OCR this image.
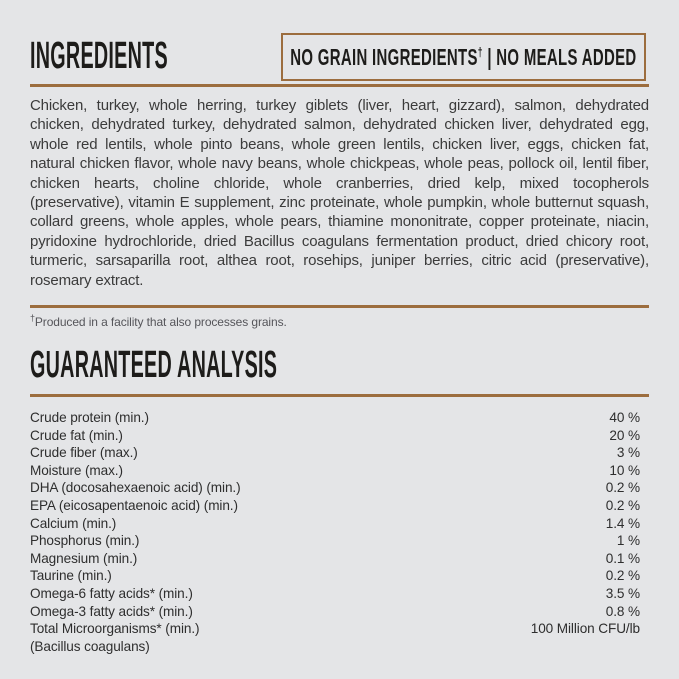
INGREDIENTS	NO GRAIN INGREDIENTS† | NO MEALS ADDED

Chicken, turkey, whole herring, turkey giblets (liver, heart, gizzard), salmon, dehydrated chicken, dehydrated turkey, dehydrated salmon, dehydrated chicken liver, dehydrated egg, whole red lentils, whole pinto beans, whole green lentils, chicken liver, eggs, chicken fat, natural chicken flavor, whole navy beans, whole chickpeas, whole peas, pollock oil, lentil fiber, chicken hearts, choline chloride, whole cranberries, dried kelp, mixed tocopherols (preservative), vitamin E supplement, zinc proteinate, whole pumpkin, whole butternut squash, collard greens, whole apples, whole pears, thiamine mononitrate, copper proteinate, niacin, pyridoxine hydrochloride, dried Bacillus coagulans fermentation product, dried chicory root, turmeric, sarsaparilla root, althea root, rosehips, juniper berries, citric acid (preservative), rosemary extract.

†Produced in a facility that also processes grains.
GUARANTEED ANALYSIS
Crude protein (min.)	40 %
Crude fat (min.)	20 %
Crude fiber (max.)	3 %
Moisture (max.)	10 %
DHA (docosahexaenoic acid) (min.)	0.2 %
EPA (eicosapentaenoic acid) (min.)	0.2 %
Calcium (min.)	1.4 %
Phosphorus (min.)	1 %
Magnesium (min.)	0.1 %
Taurine (min.)	0.2 %
Omega-6 fatty acids* (min.)	3.5 %
Omega-3 fatty acids* (min.)	0.8 %
Total Microorganisms* (min.)	100 Million CFU/lb
(Bacillus coagulans)
